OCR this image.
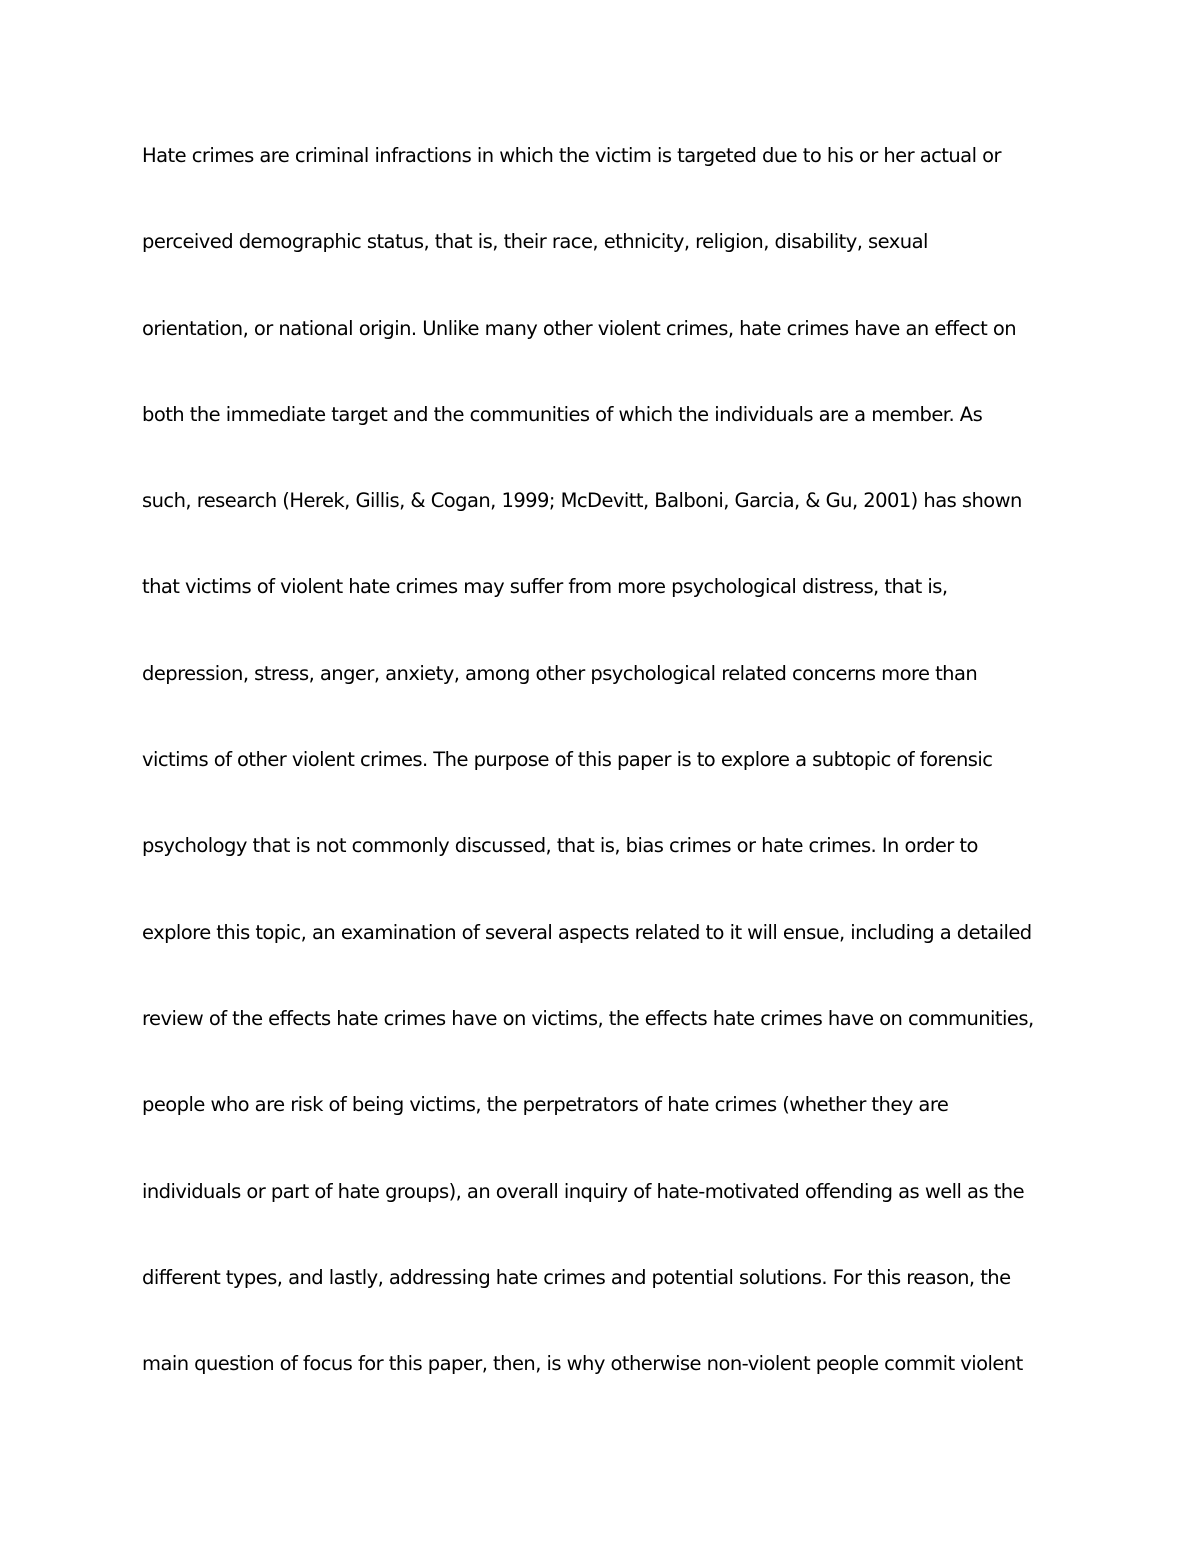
Hate crimes are criminal infractions in which the victim is targeted due to his or her actual or
perceived demographic status, that is, their race, ethnicity, religion, disability, sexual
orientation, or national origin. Unlike many other violent crimes, hate crimes have an effect on
both the immediate target and the communities of which the individuals are a member. As
such, research (Herek, Gillis, & Cogan, 1999; McDevitt, Balboni, Garcia, & Gu, 2001) has shown
that victims of violent hate crimes may suffer from more psychological distress, that is,
depression, stress, anger, anxiety, among other psychological related concerns more than
victims of other violent crimes. The purpose of this paper is to explore a subtopic of forensic
psychology that is not commonly discussed, that is, bias crimes or hate crimes. In order to
explore this topic, an examination of several aspects related to it will ensue, including a detailed
review of the effects hate crimes have on victims, the effects hate crimes have on communities,
people who are risk of being victims, the perpetrators of hate crimes (whether they are
individuals or part of hate groups), an overall inquiry of hate-motivated offending as well as the
different types, and lastly, addressing hate crimes and potential solutions. For this reason, the
main question of focus for this paper, then, is why otherwise non-violent people commit violent
